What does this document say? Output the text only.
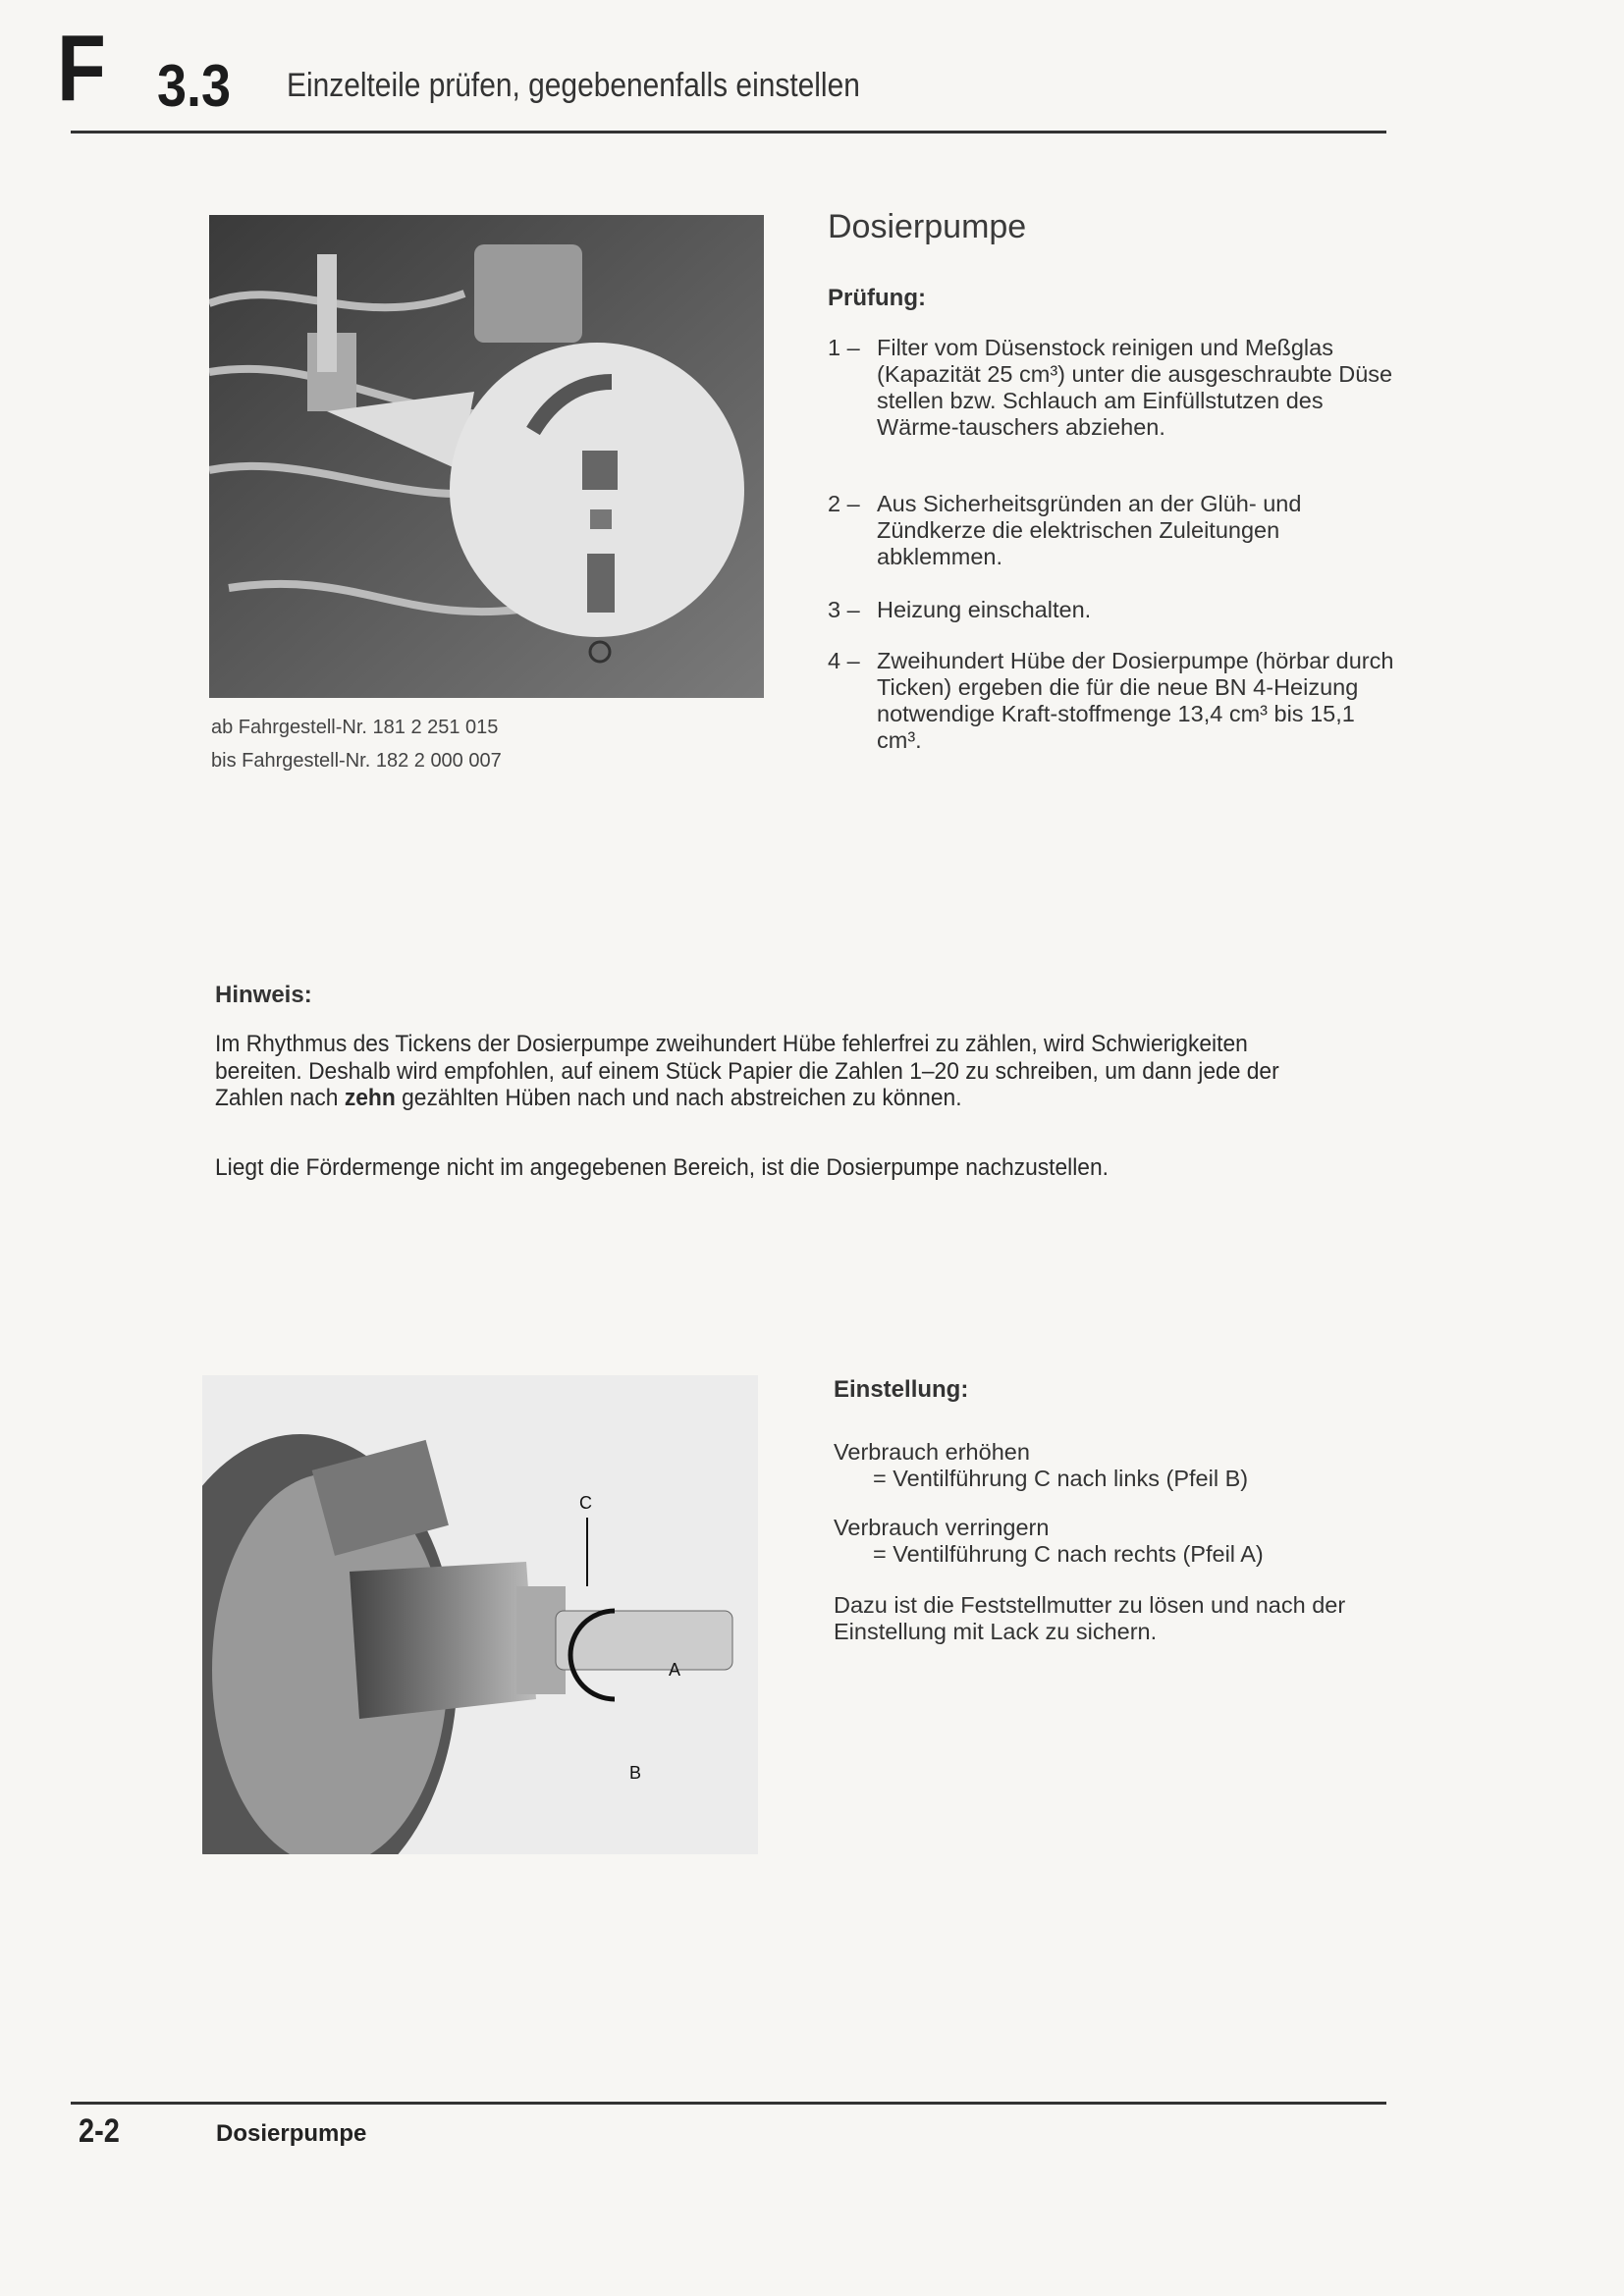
F 3.3 Einzelteile prüfen, gegebenenfalls einstellen
ab Fahrgestell-Nr. 181 2 251 015
bis Fahrgestell-Nr. 182 2 000 007
Dosierpumpe
Prüfung:
1 – Filter vom Düsenstock reinigen und Meßglas (Kapazität 25 cm³) unter die ausgeschraubte Düse stellen bzw. Schlauch am Einfüllstutzen des Wärme-tauschers abziehen.
2 – Aus Sicherheitsgründen an der Glüh- und Zündkerze die elektrischen Zuleitungen abklemmen.
3 – Heizung einschalten.
4 – Zweihundert Hübe der Dosierpumpe (hörbar durch Ticken) ergeben die für die neue BN 4-Heizung notwendige Kraft-stoffmenge 13,4 cm³ bis 15,1 cm³.
Hinweis:
Im Rhythmus des Tickens der Dosierpumpe zweihundert Hübe fehlerfrei zu zählen, wird Schwierigkeiten bereiten. Deshalb wird empfohlen, auf einem Stück Papier die Zahlen 1–20 zu schreiben, um dann jede der Zahlen nach zehn gezählten Hüben nach und nach abstreichen zu können.
Liegt die Fördermenge nicht im angegebenen Bereich, ist die Dosierpumpe nachzustellen.
C
A
B
Einstellung:
Verbrauch erhöhen
= Ventilführung C nach links (Pfeil B)
Verbrauch verringern
= Ventilführung C nach rechts (Pfeil A)
Dazu ist die Feststellmutter zu lösen und nach der Einstellung mit Lack zu sichern.
2-2	Dosierpumpe
